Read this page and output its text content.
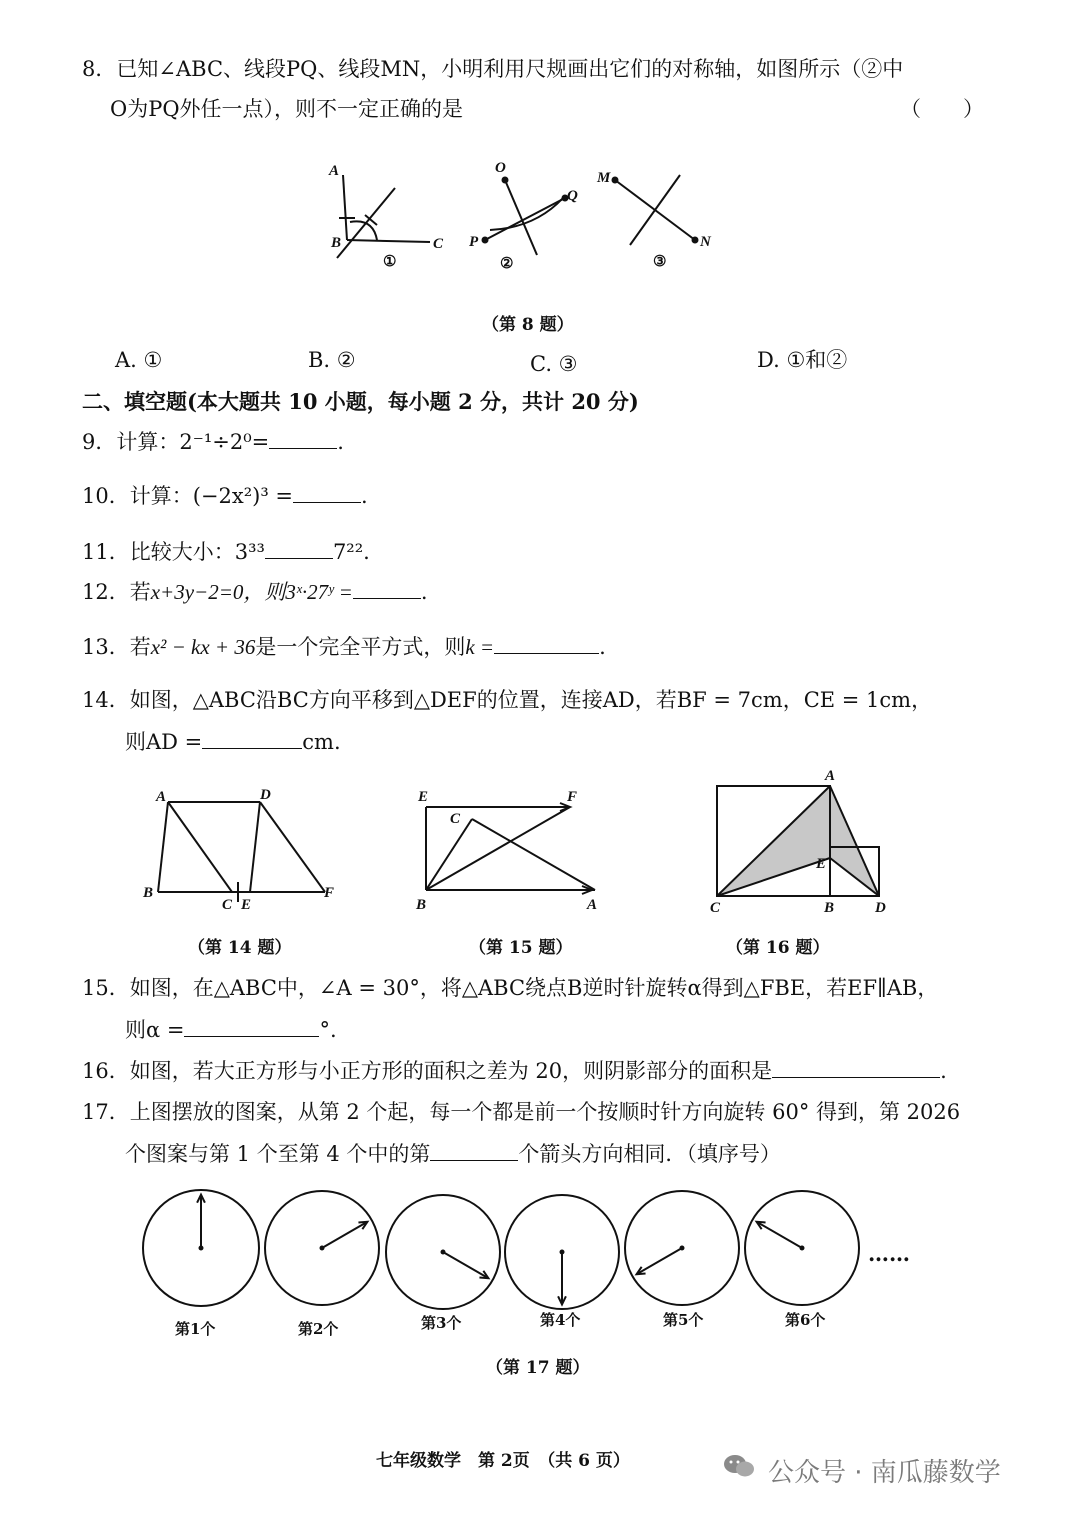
8．已知∠ABC、线段PQ、线段MN，小明利用尺规画出它们的对称轴，如图所示（②中
O为PQ外任一点），则不一定正确的是	（　　）
A
B	C
①
O
P
Q
②
M
N
③
（第 8 题）
A. ①	B. ②	C. ③	D. ①和②
二、填空题(本大题共 10 小题，每小题 2 分，共计 20 分)
9．计算：2⁻¹÷2⁰=	.
10．计算：(−2x²)³ =	.
11．比较大小：3³³	7²².
12．若x+3y−2=0，则3ˣ·27ʸ =	.
13．若x² − kx + 36是一个完全平方式，则k =	.
14．如图，△ABC沿BC方向平移到△DEF的位置，连接AD，若BF = 7cm，CE = 1cm，
则AD =	cm.
A	D
B
C E
F
（第 14 题）
E	F
C
B	A
（第 15 题）
A
E
C	B	D
（第 16 题）
15．如图，在△ABC中，∠A = 30°，将△ABC绕点B逆时针旋转α得到△FBE，若EF∥AB，
则α =	°.
16．如图，若大正方形与小正方形的面积之差为 20，则阴影部分的面积是	.
17．上图摆放的图案，从第 2 个起，每一个都是前一个按顺时针方向旋转 60° 得到，第 2026
个图案与第 1 个至第 4 个中的第	个箭头方向相同．（填序号）
第1个	第2个	第3个	第4个	第5个	第6个
……
（第 17 题）
七年级数学　第 2页　（共 6 页）	公众号 · 南瓜藤数学
